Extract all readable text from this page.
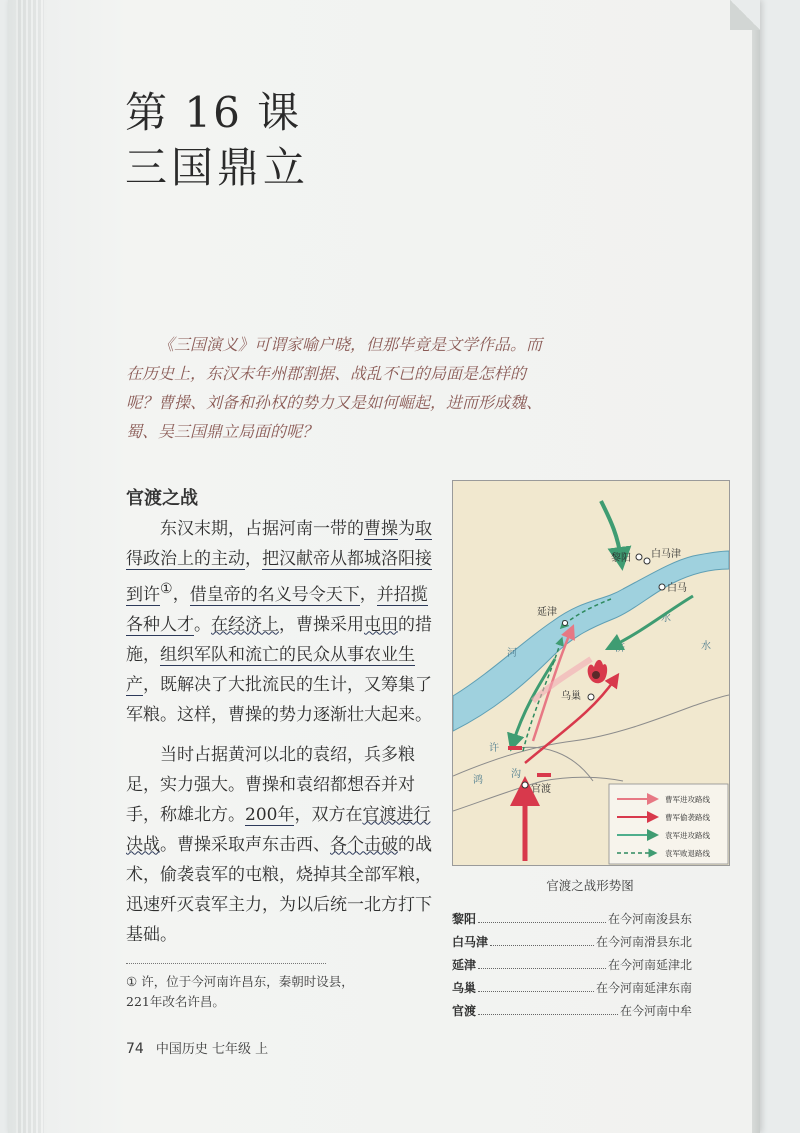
第 16 课
三国鼎立

《三国演义》可谓家喻户晓，但那毕竟是文学作品。而在历史上，东汉末年州郡割据、战乱不已的局面是怎样的呢？曹操、刘备和孙权的势力又是如何崛起，进而形成魏、蜀、吴三国鼎立局面的呢？

官渡之战

东汉末期，占据河南一带的曹操为取得政治上的主动，把汉献帝从都城洛阳接到许①，借皇帝的名义号令天下，并招揽各种人才。在经济上，曹操采用屯田的措施，组织军队和流亡的民众从事农业生产，既解决了大批流民的生计，又筹集了军粮。这样，曹操的势力逐渐壮大起来。

当时占据黄河以北的袁绍，兵多粮足，实力强大。曹操和袁绍都想吞并对手，称雄北方。200年，双方在官渡进行决战。曹操采取声东击西、各个击破的战术，偷袭袁军的屯粮，烧掉其全部军粮，迅速歼灭袁军主力，为以后统一北方打下基础。

① 许，位于今河南许昌东，秦朝时设县，221年改名许昌。
74 中国历史 七年级 上
水
河	济	水
鸿
沟
许
黎阳 白马津
白马
延津
乌巢
官渡
曹军进攻路线
曹军偷袭路线
袁军进攻路线
袁军败退路线
官渡之战形势图
黎阳	在今河南浚县东
白马津	在今河南滑县东北
延津	在今河南延津北
乌巢	在今河南延津东南
官渡	在今河南中牟
